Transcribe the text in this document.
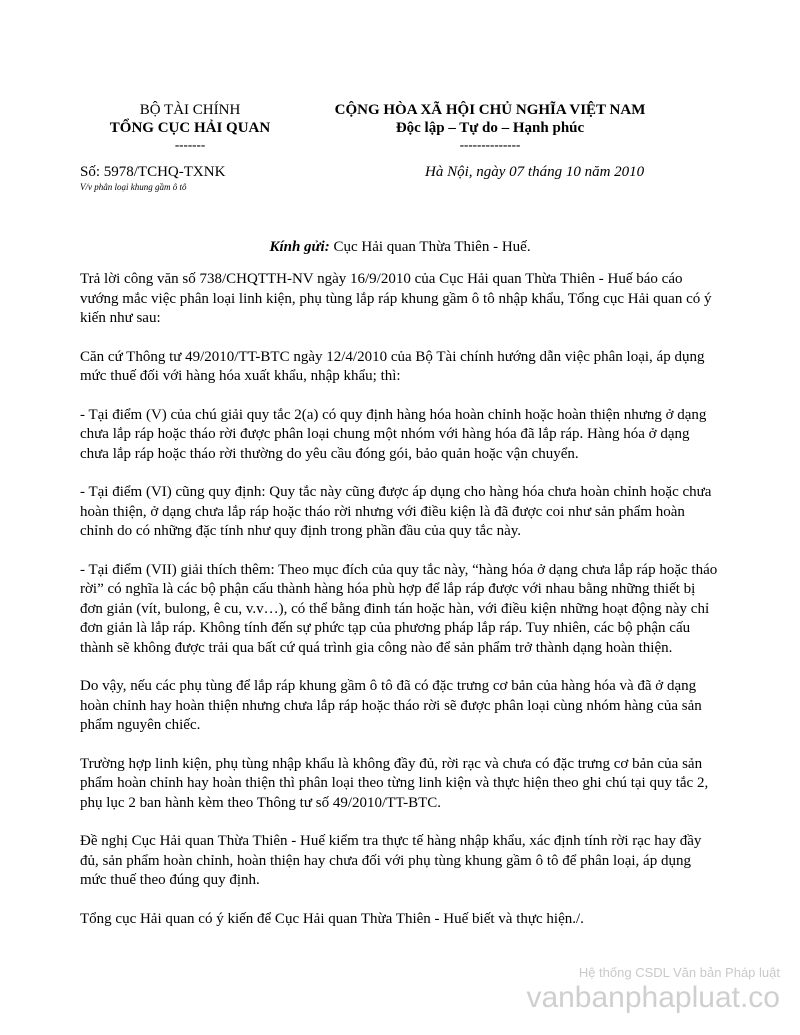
BỘ TÀI CHÍNH
TỔNG CỤC HẢI QUAN
-------
CỘNG HÒA XÃ HỘI CHỦ NGHĨA VIỆT NAM
Độc lập – Tự do – Hạnh phúc
--------------
Số: 5978/TCHQ-TXNK
V/v phân loại khung gầm ô tô
Hà Nội, ngày 07 tháng 10 năm 2010
Kính gửi: Cục Hải quan Thừa Thiên - Huế.

Trả lời công văn số 738/CHQTTH-NV ngày 16/9/2010 của Cục Hải quan Thừa Thiên - Huế báo cáo vướng mắc việc phân loại linh kiện, phụ tùng lắp ráp khung gầm ô tô nhập khẩu, Tổng cục Hải quan có ý kiến như sau:

Căn cứ Thông tư 49/2010/TT-BTC ngày 12/4/2010 của Bộ Tài chính hướng dẫn việc phân loại, áp dụng mức thuế đối với hàng hóa xuất khẩu, nhập khẩu; thì:

- Tại điểm (V) của chú giải quy tắc 2(a) có quy định hàng hóa hoàn chỉnh hoặc hoàn thiện nhưng ở dạng chưa lắp ráp hoặc tháo rời được phân loại chung một nhóm với hàng hóa đã lắp ráp. Hàng hóa ở dạng chưa lắp ráp hoặc tháo rời thường do yêu cầu đóng gói, bảo quản hoặc vận chuyển.

- Tại điểm (VI) cũng quy định: Quy tắc này cũng được áp dụng cho hàng hóa chưa hoàn chỉnh hoặc chưa hoàn thiện, ở dạng chưa lắp ráp hoặc tháo rời nhưng với điều kiện là đã được coi như sản phẩm hoàn chỉnh do có những đặc tính như quy định trong phần đầu của quy tắc này.

- Tại điểm (VII) giải thích thêm: Theo mục đích của quy tắc này, “hàng hóa ở dạng chưa lắp ráp hoặc tháo rời” có nghĩa là các bộ phận cấu thành hàng hóa phù hợp để lắp ráp được với nhau bằng những thiết bị đơn giản (vít, bulong, ê cu, v.v…), có thể bằng đinh tán hoặc hàn, với điều kiện những hoạt động này chỉ đơn giản là lắp ráp. Không tính đến sự phức tạp của phương pháp lắp ráp. Tuy nhiên, các bộ phận cấu thành sẽ không được trải qua bất cứ quá trình gia công nào để sản phẩm trở thành dạng hoàn thiện.

Do vậy, nếu các phụ tùng để lắp ráp khung gầm ô tô đã có đặc trưng cơ bản của hàng hóa và đã ở dạng hoàn chỉnh hay hoàn thiện nhưng chưa lắp ráp hoặc tháo rời sẽ được phân loại cùng nhóm hàng của sản phẩm nguyên chiếc.

Trường hợp linh kiện, phụ tùng nhập khẩu là không đầy đủ, rời rạc và chưa có đặc trưng cơ bản của sản phẩm hoàn chỉnh hay hoàn thiện thì phân loại theo từng linh kiện và thực hiện theo ghi chú tại quy tắc 2, phụ lục 2 ban hành kèm theo Thông tư số 49/2010/TT-BTC.

Đề nghị Cục Hải quan Thừa Thiên - Huế kiểm tra thực tế hàng nhập khẩu, xác định tính rời rạc hay đầy đủ, sản phẩm hoàn chỉnh, hoàn thiện hay chưa đối với phụ tùng khung gầm ô tô để phân loại, áp dụng mức thuế theo đúng quy định.

Tổng cục Hải quan có ý kiến để Cục Hải quan Thừa Thiên - Huế biết và thực hiện./.

Hệ thống CSDL Văn bản Pháp luật
vanbanphapluat.co
